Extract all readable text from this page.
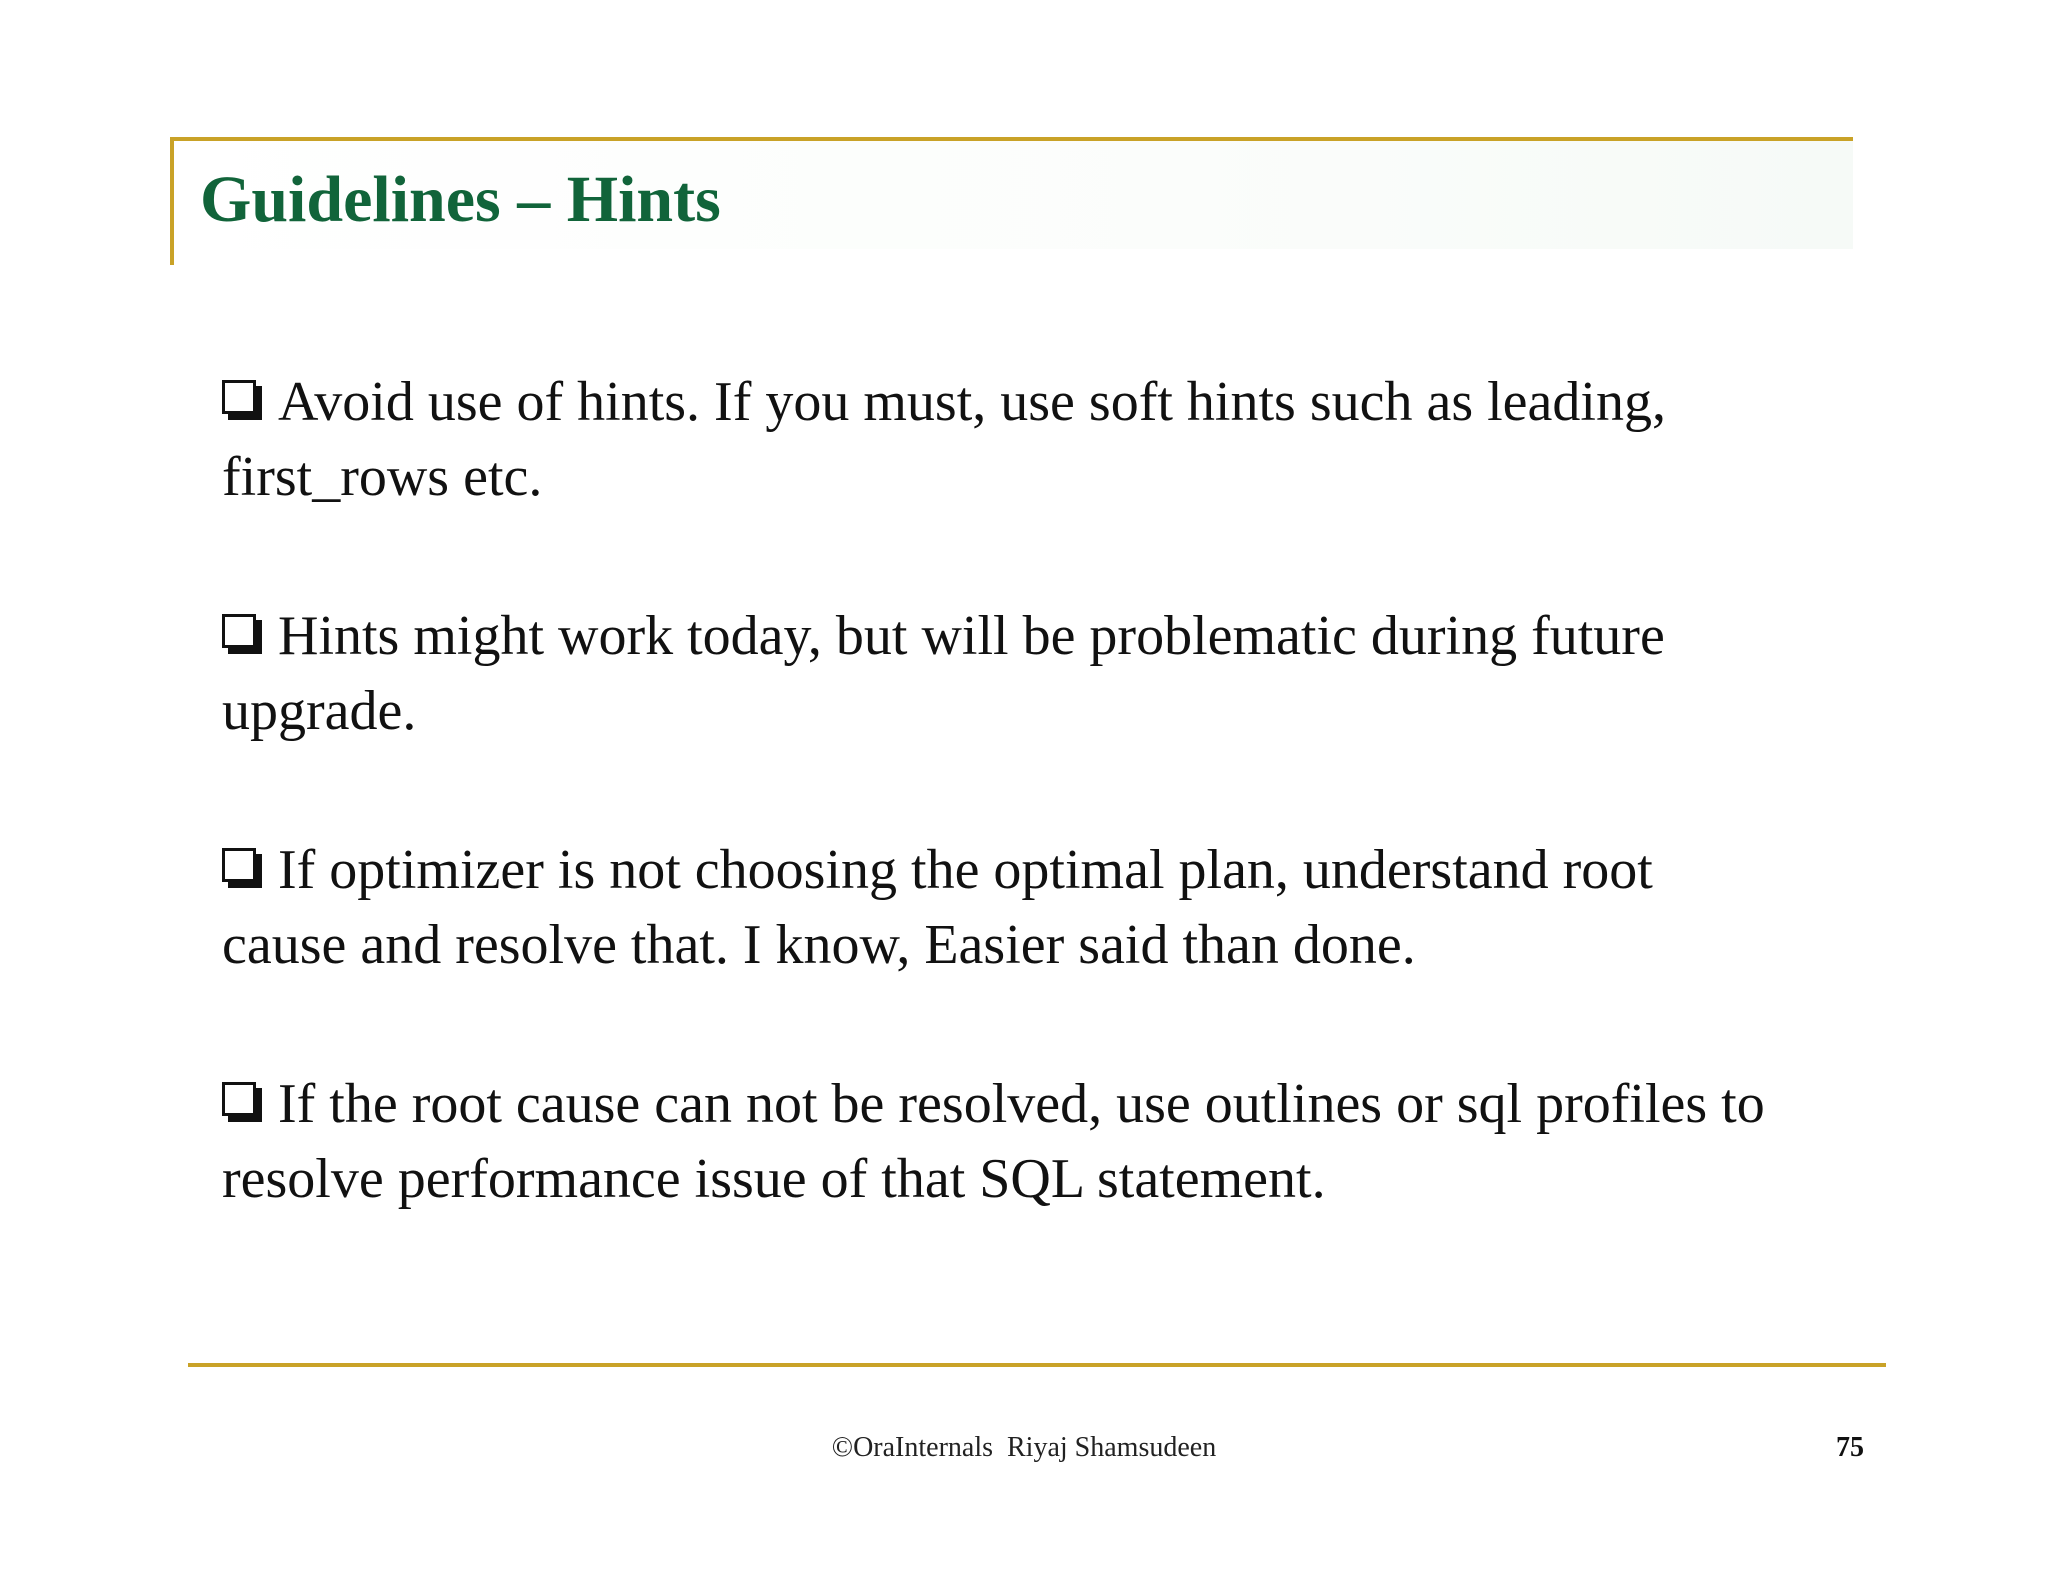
Guidelines – Hints
Avoid use of hints. If you must, use soft hints such as leading, first_rows etc.
Hints might work today, but will be problematic during future upgrade.
If optimizer is not choosing the optimal plan, understand root cause and resolve that. I know, Easier said than done.
If the root cause can not be resolved, use outlines or sql profiles to resolve performance issue of that SQL statement.
©OraInternals  Riyaj Shamsudeen	75
